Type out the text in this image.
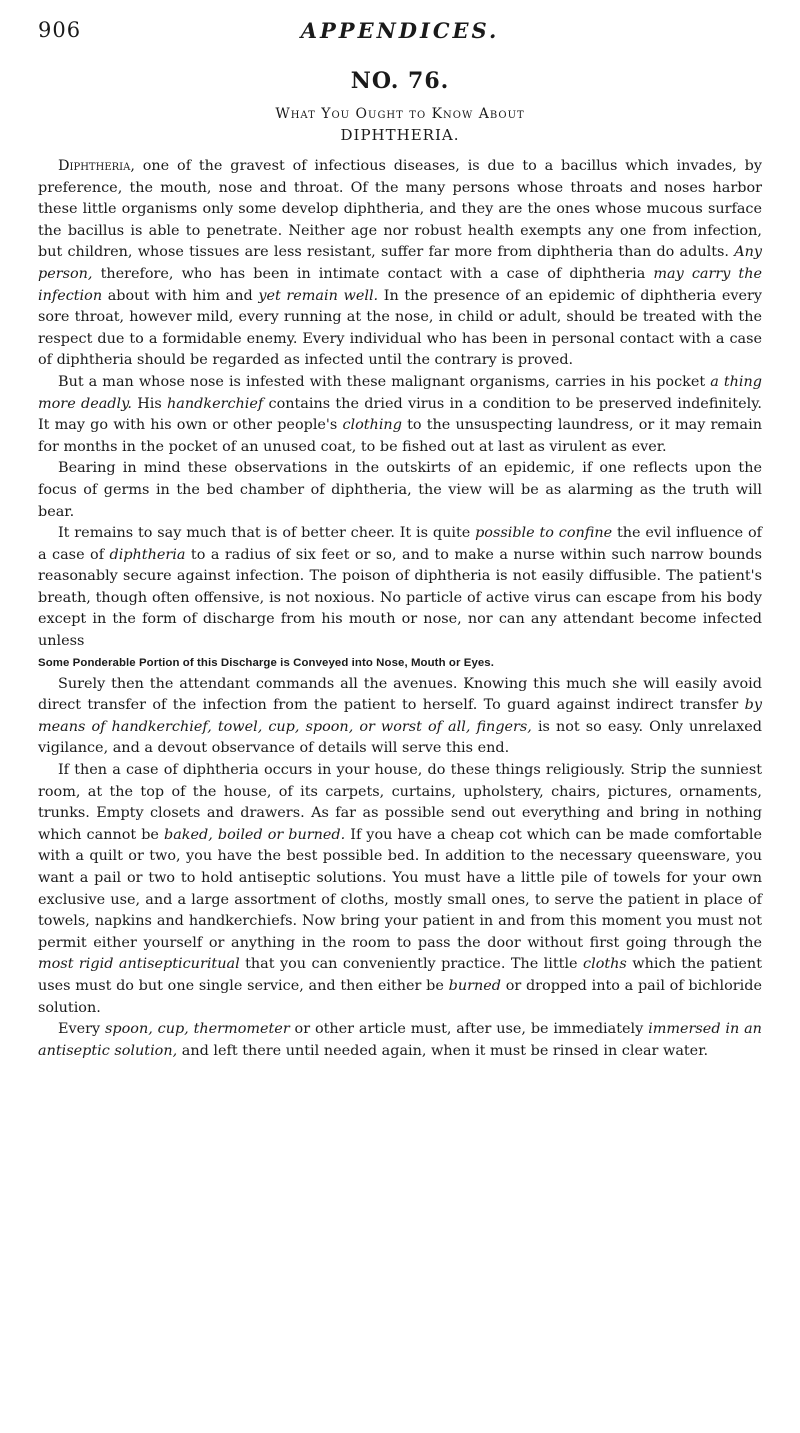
906	APPENDICES.
NO. 76.
What You Ought to Know About
DIPHTHERIA.

Diphtheria, one of the gravest of infectious diseases, is due to a bacillus which invades, by preference, the mouth, nose and throat. Of the many persons whose throats and noses harbor these little organisms only some develop diphtheria, and they are the ones whose mucous surface the bacillus is able to penetrate. Neither age nor robust health exempts any one from infection, but children, whose tissues are less resistant, suffer far more from diphtheria than do adults. Any person, therefore, who has been in intimate contact with a case of diphtheria may carry the infection about with him and yet remain well. In the presence of an epidemic of diphtheria every sore throat, however mild, every running at the nose, in child or adult, should be treated with the respect due to a formidable enemy. Every individual who has been in personal contact with a case of diphtheria should be regarded as infected until the contrary is proved.

But a man whose nose is infested with these malignant organisms, carries in his pocket a thing more deadly. His handkerchief contains the dried virus in a condition to be preserved indefinitely. It may go with his own or other people's clothing to the unsuspecting laundress, or it may remain for months in the pocket of an unused coat, to be fished out at last as virulent as ever.

Bearing in mind these observations in the outskirts of an epidemic, if one reflects upon the focus of germs in the bed chamber of diphtheria, the view will be as alarming as the truth will bear.

It remains to say much that is of better cheer. It is quite possible to confine the evil influence of a case of diphtheria to a radius of six feet or so, and to make a nurse within such narrow bounds reasonably secure against infection. The poison of diphtheria is not easily diffusible. The patient's breath, though often offensive, is not noxious. No particle of active virus can escape from his body except in the form of discharge from his mouth or nose, nor can any attendant become infected unless

Some Ponderable Portion of this Discharge is Conveyed into Nose, Mouth or Eyes.

Surely then the attendant commands all the avenues. Knowing this much she will easily avoid direct transfer of the infection from the patient to herself. To guard against indirect transfer by means of handkerchief, towel, cup, spoon, or worst of all, fingers, is not so easy. Only unrelaxed vigilance, and a devout observance of details will serve this end.

If then a case of diphtheria occurs in your house, do these things religiously. Strip the sunniest room, at the top of the house, of its carpets, curtains, upholstery, chairs, pictures, ornaments, trunks. Empty closets and drawers. As far as possible send out everything and bring in nothing which cannot be baked, boiled or burned. If you have a cheap cot which can be made comfortable with a quilt or two, you have the best possible bed. In addition to the necessary queensware, you want a pail or two to hold antiseptic solutions. You must have a little pile of towels for your own exclusive use, and a large assortment of cloths, mostly small ones, to serve the patient in place of towels, napkins and handkerchiefs. Now bring your patient in and from this moment you must not permit either yourself or anything in the room to pass the door without first going through the most rigid antisepticuritual that you can conveniently practice. The little cloths which the patient uses must do but one single service, and then either be burned or dropped into a pail of bichloride solution.

Every spoon, cup, thermometer or other article must, after use, be immediately immersed in an antiseptic solution, and left there until needed again, when it must be rinsed in clear water.
